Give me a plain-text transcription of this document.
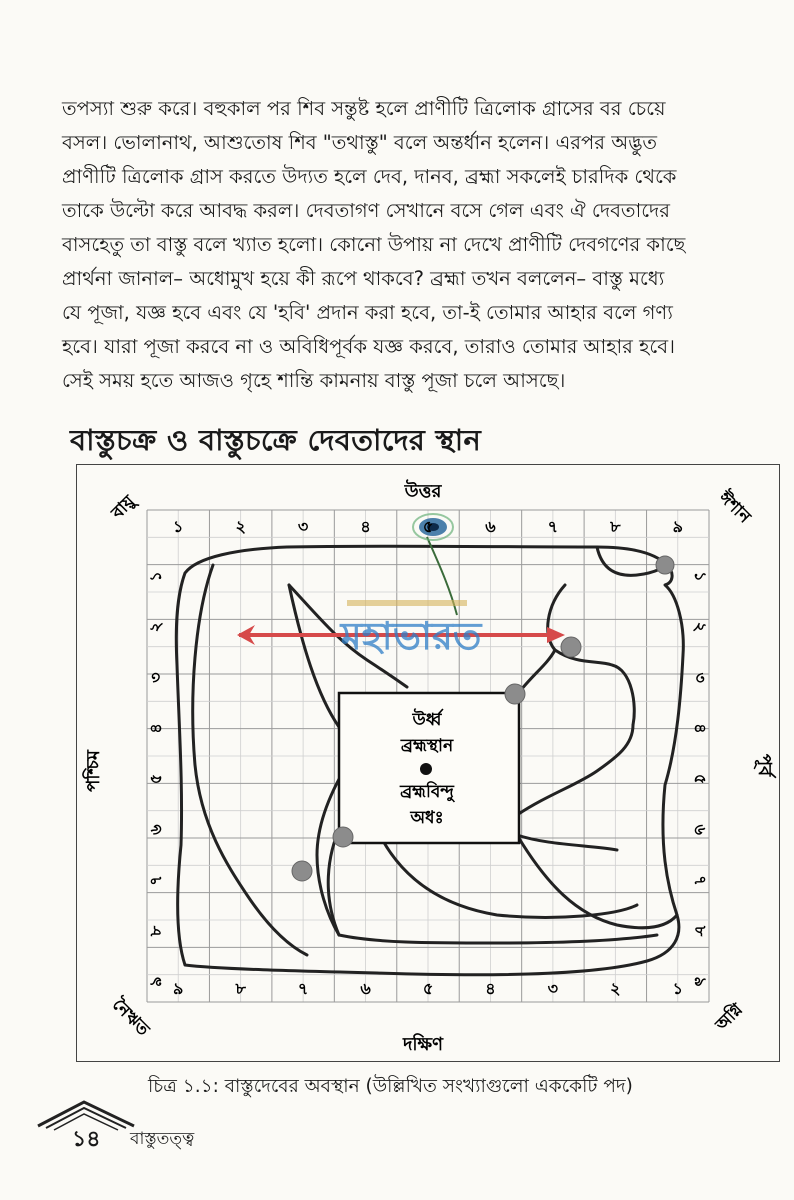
তপস্যা শুরু করে। বহুকাল পর শিব সন্তুষ্ট হলে প্রাণীটি ত্রিলোক গ্রাসের বর চেয়ে
বসল। ভোলানাথ, আশুতোষ শিব "তথাস্তু" বলে অন্তর্ধান হলেন। এরপর অদ্ভুত
প্রাণীটি ত্রিলোক গ্রাস করতে উদ্যত হলে দেব, দানব, ব্রহ্মা সকলেই চারদিক থেকে
তাকে উল্টো করে আবদ্ধ করল। দেবতাগণ সেখানে বসে গেল এবং ঐ দেবতাদের
বাসহেতু তা বাস্তু বলে খ্যাত হলো। কোনো উপায় না দেখে প্রাণীটি দেবগণের কাছে
প্রার্থনা জানাল– অধোমুখ হয়ে কী রূপে থাকবে? ব্রহ্মা তখন বললেন– বাস্তু মধ্যে
যে পূজা, যজ্ঞ হবে এবং যে 'হবি' প্রদান করা হবে, তা-ই তোমার আহার বলে গণ্য
হবে। যারা পূজা করবে না ও অবিধিপূর্বক যজ্ঞ করবে, তারাও তোমার আহার হবে।
সেই সময় হতে আজও গৃহে শান্তি কামনায় বাস্তু পূজা চলে আসছে।
বাস্তুচক্র ও বাস্তুচক্রে দেবতাদের স্থান
উর্ধ্ব
ব্রহ্মস্থান
ব্রহ্মবিন্দু
অধঃ
মহাভারত
উত্তর
দক্ষিণ
পশ্চিম	পূর্ব
বায়ু	ঈশান
নৈঋত	অগ্নি
১	২	৩	৪	৫	৬	৭	৮	৯
৯	৮	৭	৬	৫	৪	৩	২	১
১
২
৩
৪
৫
৬
৭
৮
৯
১
২
৩
৪
৫
৬
৭
৮
৯
চিত্র ১.১: বাস্তুদেবের অবস্থান (উল্লিখিত সংখ্যাগুলো এককেটি পদ)
১৪ বাস্তুতত্ত্ব
